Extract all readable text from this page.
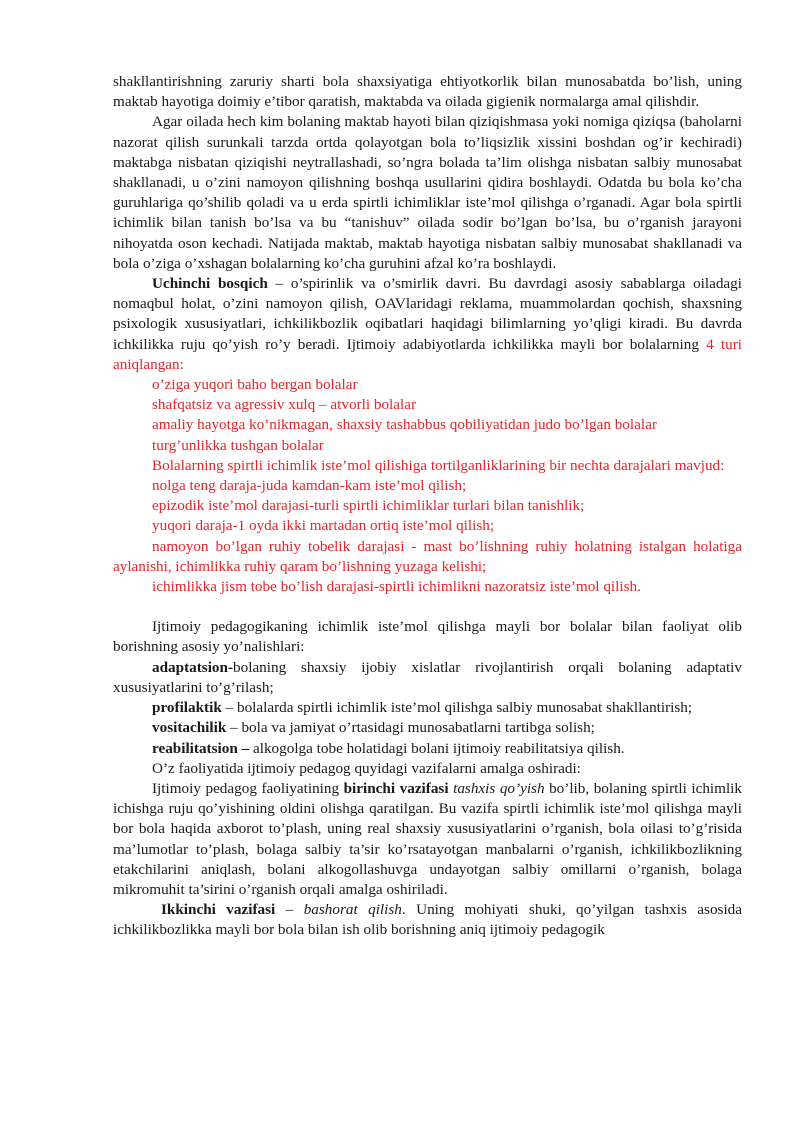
shakllantirishning zaruriy sharti bola shaxsiyatiga ehtiyotkorlik bilan munosabatda bo’lish, uning maktab hayotiga doimiy e’tibor qaratish, maktabda va oilada gigienik normalarga amal qilishdir.

Agar oilada hech kim bolaning maktab hayoti bilan qiziqishmasa yoki nomiga qiziqsa (baholarni nazorat qilish surunkali tarzda ortda qolayotgan bola to’liqsizlik xissini boshdan og’ir kechiradi) maktabga nisbatan qiziqishi neytrallashadi, so’ngra bolada ta’lim olishga nisbatan salbiy munosabat shakllanadi, u o’zini namoyon qilishning boshqa usullarini qidira boshlaydi. Odatda bu bola ko’cha guruhlariga qo’shilib qoladi va u erda spirtli ichimliklar iste’mol qilishga o’rganadi. Agar bola spirtli ichimlik bilan tanish bo’lsa va bu “tanishuv” oilada sodir bo’lgan bo’lsa, bu o’rganish jarayoni nihoyatda oson kechadi. Natijada maktab, maktab hayotiga nisbatan salbiy munosabat shakllanadi va bola o’ziga o’xshagan bolalarning ko’cha guruhini afzal ko’ra boshlaydi.

Uchinchi bosqich – o’spirinlik va o’smirlik davri. Bu davrdagi asosiy sabablarga oiladagi nomaqbul holat, o’zini namoyon qilish, OAVlaridagi reklama, muammolardan qochish, shaxsning psixologik xususiyatlari, ichkilikbozlik oqibatlari haqidagi bilimlarning yo’qligi kiradi. Bu davrda ichkilikka ruju qo’yish ro’y beradi. Ijtimoiy adabiyotlarda ichkilikka mayli bor bolalarning 4 turi aniqlangan:

o’ziga yuqori baho bergan bolalar

shafqatsiz va agressiv xulq – atvorli bolalar

amaliy hayotga ko’nikmagan, shaxsiy tashabbus qobiliyatidan judo bo’lgan bolalar

turg’unlikka tushgan bolalar

Bolalarning spirtli ichimlik iste’mol qilishiga tortilganliklarining bir nechta darajalari mavjud:

nolga teng daraja-juda kamdan-kam iste’mol qilish;

epizodik iste’mol darajasi-turli spirtli ichimliklar turlari bilan tanishlik;

yuqori daraja-1 oyda ikki martadan ortiq iste’mol qilish;

namoyon bo’lgan ruhiy tobelik darajasi - mast bo’lishning ruhiy holatning istalgan holatiga aylanishi, ichimlikka ruhiy qaram bo’lishning yuzaga kelishi;

ichimlikka jism tobe bo’lish darajasi-spirtli ichimlikni nazoratsiz iste’mol qilish.

Ijtimoiy pedagogikaning ichimlik iste’mol qilishga mayli bor bolalar bilan faoliyat olib borishning asosiy yo’nalishlari:

adaptatsion-bolaning shaxsiy ijobiy xislatlar rivojlantirish orqali bolaning adaptativ xususiyatlarini to’g’rilash;

profilaktik – bolalarda spirtli ichimlik iste’mol qilishga salbiy munosabat shakllantirish;

vositachilik – bola va jamiyat o’rtasidagi munosabatlarni tartibga solish;

reabilitatsion – alkogolga tobe holatidagi bolani ijtimoiy reabilitatsiya qilish.

O’z faoliyatida ijtimoiy pedagog quyidagi vazifalarni amalga oshiradi:

Ijtimoiy pedagog faoliyatining birinchi vazifasi tashxis qo’yish bo’lib, bolaning spirtli ichimlik ichishga ruju qo’yishining oldini olishga qaratilgan. Bu vazifa spirtli ichimlik iste’mol qilishga mayli bor bola haqida axborot to’plash, uning real shaxsiy xususiyatlarini o’rganish, bola oilasi to’g’risida ma’lumotlar to’plash, bolaga salbiy ta’sir ko’rsatayotgan manbalarni o’rganish, ichkilikbozlikning etakchilarini aniqlash, bolani alkogollashuvga undayotgan salbiy omillarni o’rganish, bolaga mikromuhit ta’sirini o’rganish orqali amalga oshiriladi.

Ikkinchi vazifasi – bashorat qilish. Uning mohiyati shuki, qo’yilgan tashxis asosida ichkilikbozlikka mayli bor bola bilan ish olib borishning aniq ijtimoiy pedagogik
